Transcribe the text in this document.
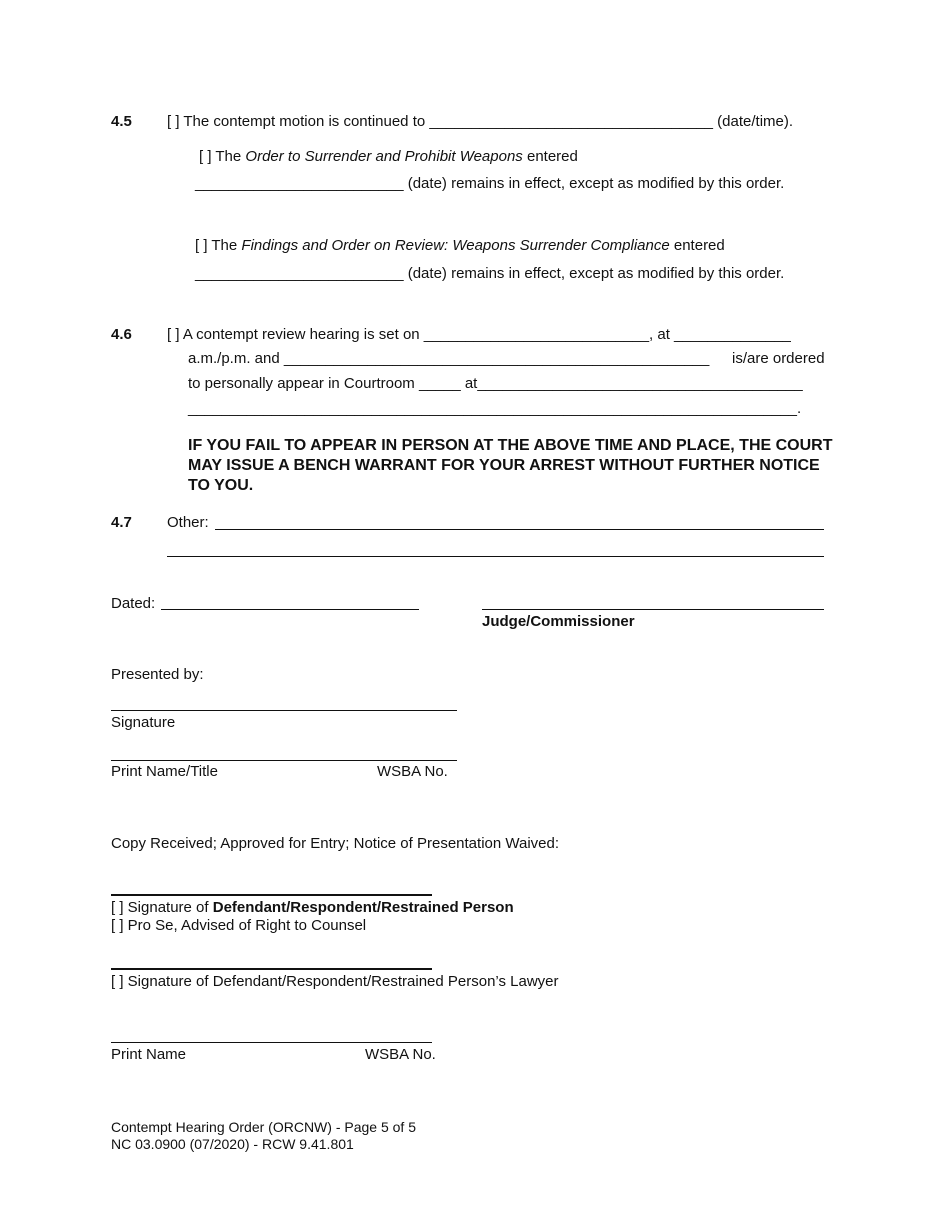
4.5 [ ] The contempt motion is continued to __________________________________ (date/time).
[ ] The Order to Surrender and Prohibit Weapons entered
_________________________ (date) remains in effect, except as modified by this order.
[ ] The Findings and Order on Review: Weapons Surrender Compliance entered
_________________________ (date) remains in effect, except as modified by this order.
4.6 [ ] A contempt review hearing is set on ___________________________, at ______________
a.m./p.m. and ___________________________________________________ is/are ordered
to personally appear in Courtroom _____ at_______________________________________
_________________________________________________________________________.
IF YOU FAIL TO APPEAR IN PERSON AT THE ABOVE TIME AND PLACE, THE COURT MAY ISSUE A BENCH WARRANT FOR YOUR ARREST WITHOUT FURTHER NOTICE TO YOU.
4.7 Other:
Dated:
Judge/Commissioner
Presented by:
Signature
Print Name/Title	WSBA No.
Copy Received; Approved for Entry; Notice of Presentation Waived:
[ ] Signature of Defendant/Respondent/Restrained Person
[ ] Pro Se, Advised of Right to Counsel
[ ] Signature of Defendant/Respondent/Restrained Person’s Lawyer
Print Name	WSBA No.
Contempt Hearing Order (ORCNW) - Page 5 of 5
NC 03.0900 (07/2020) - RCW 9.41.801
